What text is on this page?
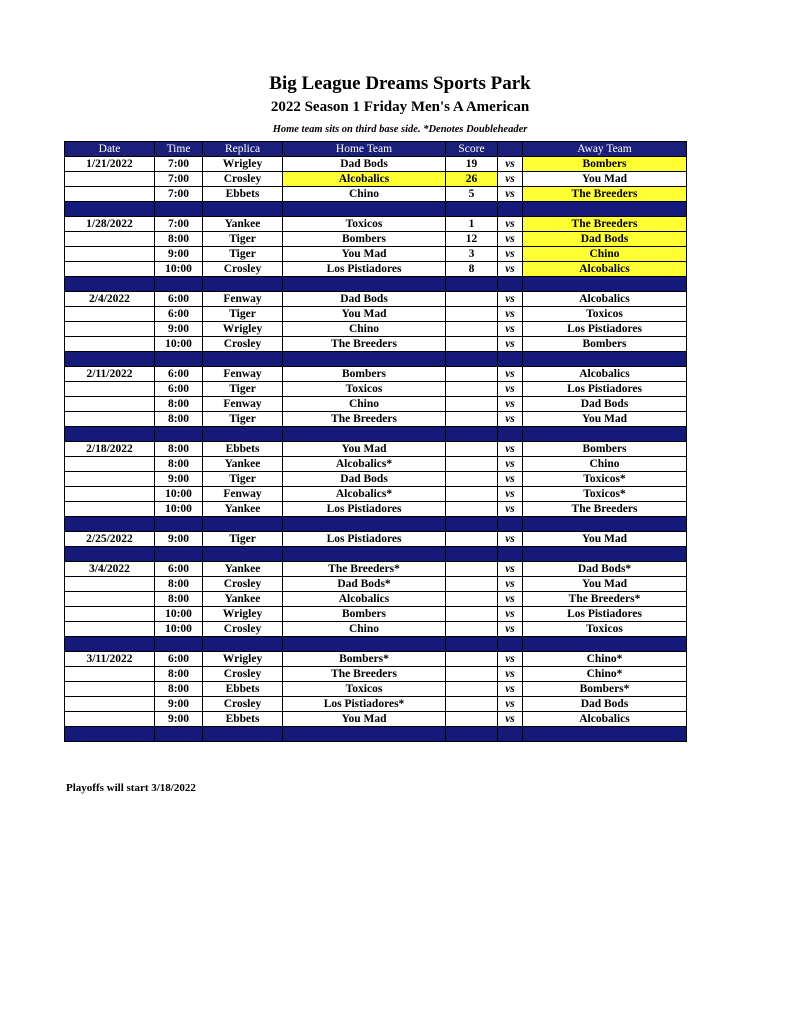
Big League Dreams Sports Park
2022 Season 1 Friday Men's A American
Home team sits on third base side. *Denotes Doubleheader
Date	Time	Replica	Home Team	Score		Away Team
1/21/2022	7:00	Wrigley	Dad Bods	19	vs	Bombers
	7:00	Crosley	Alcobalics	26	vs	You Mad
	7:00	Ebbets	Chino	5	vs	The Breeders

1/28/2022	7:00	Yankee	Toxicos	1	vs	The Breeders
	8:00	Tiger	Bombers	12	vs	Dad Bods
	9:00	Tiger	You Mad	3	vs	Chino
	10:00	Crosley	Los Pistiadores	8	vs	Alcobalics

2/4/2022	6:00	Fenway	Dad Bods		vs	Alcobalics
	6:00	Tiger	You Mad		vs	Toxicos
	9:00	Wrigley	Chino		vs	Los Pistiadores
	10:00	Crosley	The Breeders		vs	Bombers

2/11/2022	6:00	Fenway	Bombers		vs	Alcobalics
	6:00	Tiger	Toxicos		vs	Los Pistiadores
	8:00	Fenway	Chino		vs	Dad Bods
	8:00	Tiger	The Breeders		vs	You Mad

2/18/2022	8:00	Ebbets	You Mad		vs	Bombers
	8:00	Yankee	Alcobalics*		vs	Chino
	9:00	Tiger	Dad Bods		vs	Toxicos*
	10:00	Fenway	Alcobalics*		vs	Toxicos*
	10:00	Yankee	Los Pistiadores		vs	The Breeders

2/25/2022	9:00	Tiger	Los Pistiadores		vs	You Mad

3/4/2022	6:00	Yankee	The Breeders*		vs	Dad Bods*
	8:00	Crosley	Dad Bods*		vs	You Mad
	8:00	Yankee	Alcobalics		vs	The Breeders*
	10:00	Wrigley	Bombers		vs	Los Pistiadores
	10:00	Crosley	Chino		vs	Toxicos

3/11/2022	6:00	Wrigley	Bombers*		vs	Chino*
	8:00	Crosley	The Breeders		vs	Chino*
	8:00	Ebbets	Toxicos		vs	Bombers*
	9:00	Crosley	Los Pistiadores*		vs	Dad Bods
	9:00	Ebbets	You Mad		vs	Alcobalics

Playoffs will start 3/18/2022
